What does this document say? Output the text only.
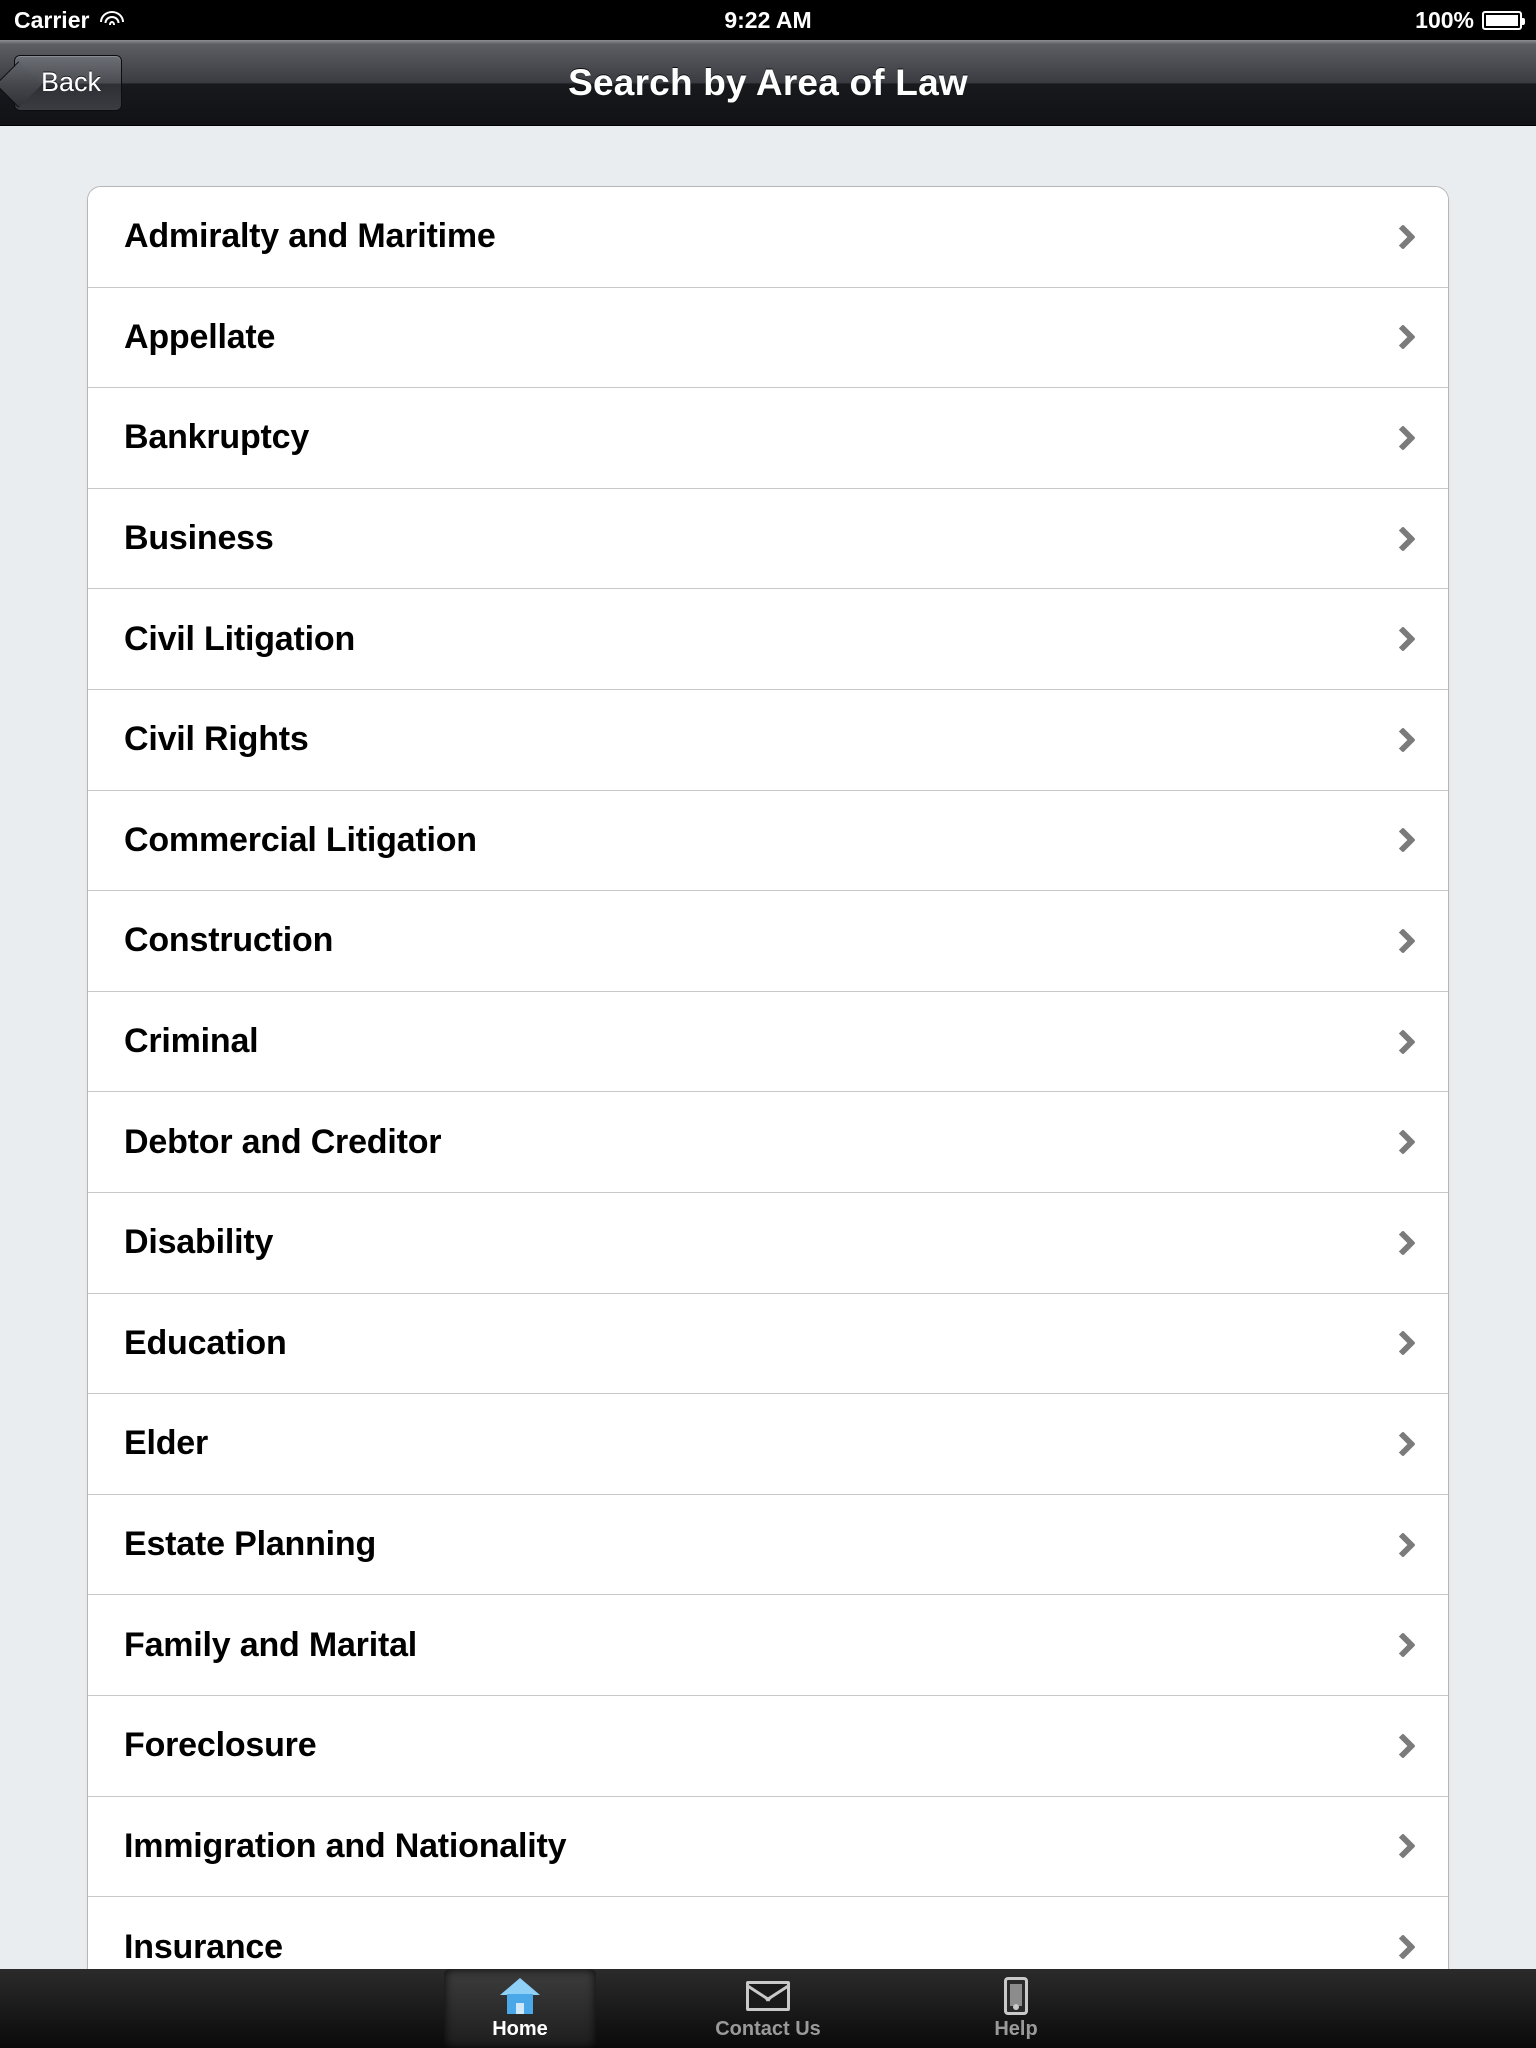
Carrier	9:22 AM	100%
Back	Search by Area of Law
Admiralty and Maritime
Appellate
Bankruptcy
Business
Civil Litigation
Civil Rights
Commercial Litigation
Construction
Criminal
Debtor and Creditor
Disability
Education
Elder
Estate Planning
Family and Marital
Foreclosure
Immigration and Nationality
Insurance
Home	Contact Us	Help
